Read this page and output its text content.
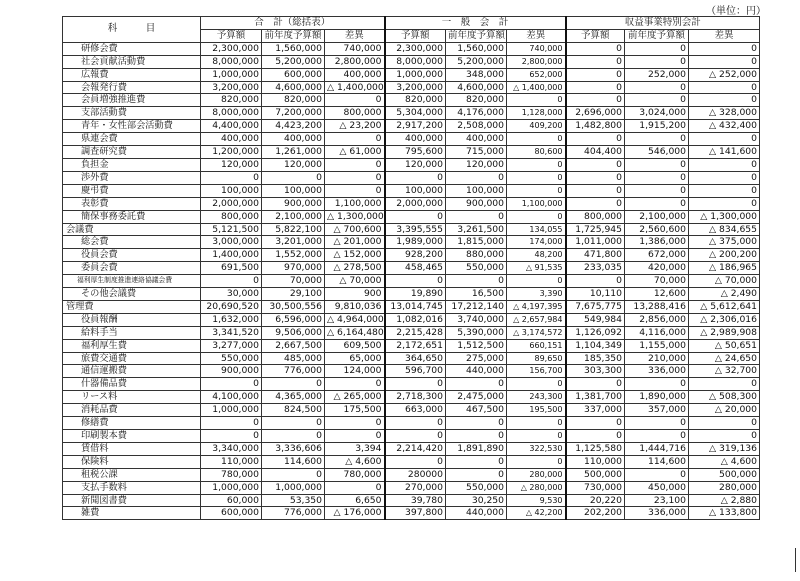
（単位：円）
科　　　目	合　計（総括表）			一　般　会　計			収益事業特別会計		
	予算額	前年度予算額	差異	予算額	前年度予算額	差異	予算額	前年度予算額	差異
研修会費	2,300,000	1,560,000	740,000	2,300,000	1,560,000	740,000	0	0	0
社会貢献活動費	8,000,000	5,200,000	2,800,000	8,000,000	5,200,000	2,800,000	0	0	0
広報費	1,000,000	600,000	400,000	1,000,000	348,000	652,000	0	252,000	△ 252,000
会報発行費	3,200,000	4,600,000	△ 1,400,000	3,200,000	4,600,000	△ 1,400,000	0	0	0
会員増強推進費	820,000	820,000	0	820,000	820,000	0	0	0	0
支部活動費	8,000,000	7,200,000	800,000	5,304,000	4,176,000	1,128,000	2,696,000	3,024,000	△ 328,000
青年・女性部会活動費	4,400,000	4,423,200	△ 23,200	2,917,200	2,508,000	409,200	1,482,800	1,915,200	△ 432,400
県連会費	400,000	400,000	0	400,000	400,000	0	0	0	0
調査研究費	1,200,000	1,261,000	△ 61,000	795,600	715,000	80,600	404,400	546,000	△ 141,600
負担金	120,000	120,000	0	120,000	120,000	0	0	0	0
渉外費	0	0	0	0	0	0	0	0	0
慶弔費	100,000	100,000	0	100,000	100,000	0	0	0	0
表彰費	2,000,000	900,000	1,100,000	2,000,000	900,000	1,100,000	0	0	0
簡保事務委託費	800,000	2,100,000	△ 1,300,000	0	0	0	800,000	2,100,000	△ 1,300,000
会議費	5,121,500	5,822,100	△ 700,600	3,395,555	3,261,500	134,055	1,725,945	2,560,600	△ 834,655
総会費	3,000,000	3,201,000	△ 201,000	1,989,000	1,815,000	174,000	1,011,000	1,386,000	△ 375,000
役員会費	1,400,000	1,552,000	△ 152,000	928,200	880,000	48,200	471,800	672,000	△ 200,200
委員会費	691,500	970,000	△ 278,500	458,465	550,000	△ 91,535	233,035	420,000	△ 186,965
福利厚生制度推進連絡協議会費	0	70,000	△ 70,000	0	0	0	0	70,000	△ 70,000
その他会議費	30,000	29,100	900	19,890	16,500	3,390	10,110	12,600	△ 2,490
管理費	20,690,520	30,500,556	9,810,036	13,014,745	17,212,140	△ 4,197,395	7,675,775	13,288,416	△ 5,612,641
役員報酬	1,632,000	6,596,000	△ 4,964,000	1,082,016	3,740,000	△ 2,657,984	549,984	2,856,000	△ 2,306,016
給料手当	3,341,520	9,506,000	△ 6,164,480	2,215,428	5,390,000	△ 3,174,572	1,126,092	4,116,000	△ 2,989,908
福利厚生費	3,277,000	2,667,500	609,500	2,172,651	1,512,500	660,151	1,104,349	1,155,000	△ 50,651
旅費交通費	550,000	485,000	65,000	364,650	275,000	89,650	185,350	210,000	△ 24,650
通信運搬費	900,000	776,000	124,000	596,700	440,000	156,700	303,300	336,000	△ 32,700
什器備品費	0	0	0	0	0	0	0	0	0
リース料	4,100,000	4,365,000	△ 265,000	2,718,300	2,475,000	243,300	1,381,700	1,890,000	△ 508,300
消耗品費	1,000,000	824,500	175,500	663,000	467,500	195,500	337,000	357,000	△ 20,000
修繕費	0	0	0	0	0	0	0	0	0
印刷製本費	0	0	0	0	0	0	0	0	0
賃借料	3,340,000	3,336,606	3,394	2,214,420	1,891,890	322,530	1,125,580	1,444,716	△ 319,136
保険料	110,000	114,600	△ 4,600	0	0	0	110,000	114,600	△ 4,600
租税公課	780,000	0	780,000	280000	0	280,000	500,000	0	500,000
支払手数料	1,000,000	1,000,000	0	270,000	550,000	△ 280,000	730,000	450,000	280,000
新聞図書費	60,000	53,350	6,650	39,780	30,250	9,530	20,220	23,100	△ 2,880
雑費	600,000	776,000	△ 176,000	397,800	440,000	△ 42,200	202,200	336,000	△ 133,800
